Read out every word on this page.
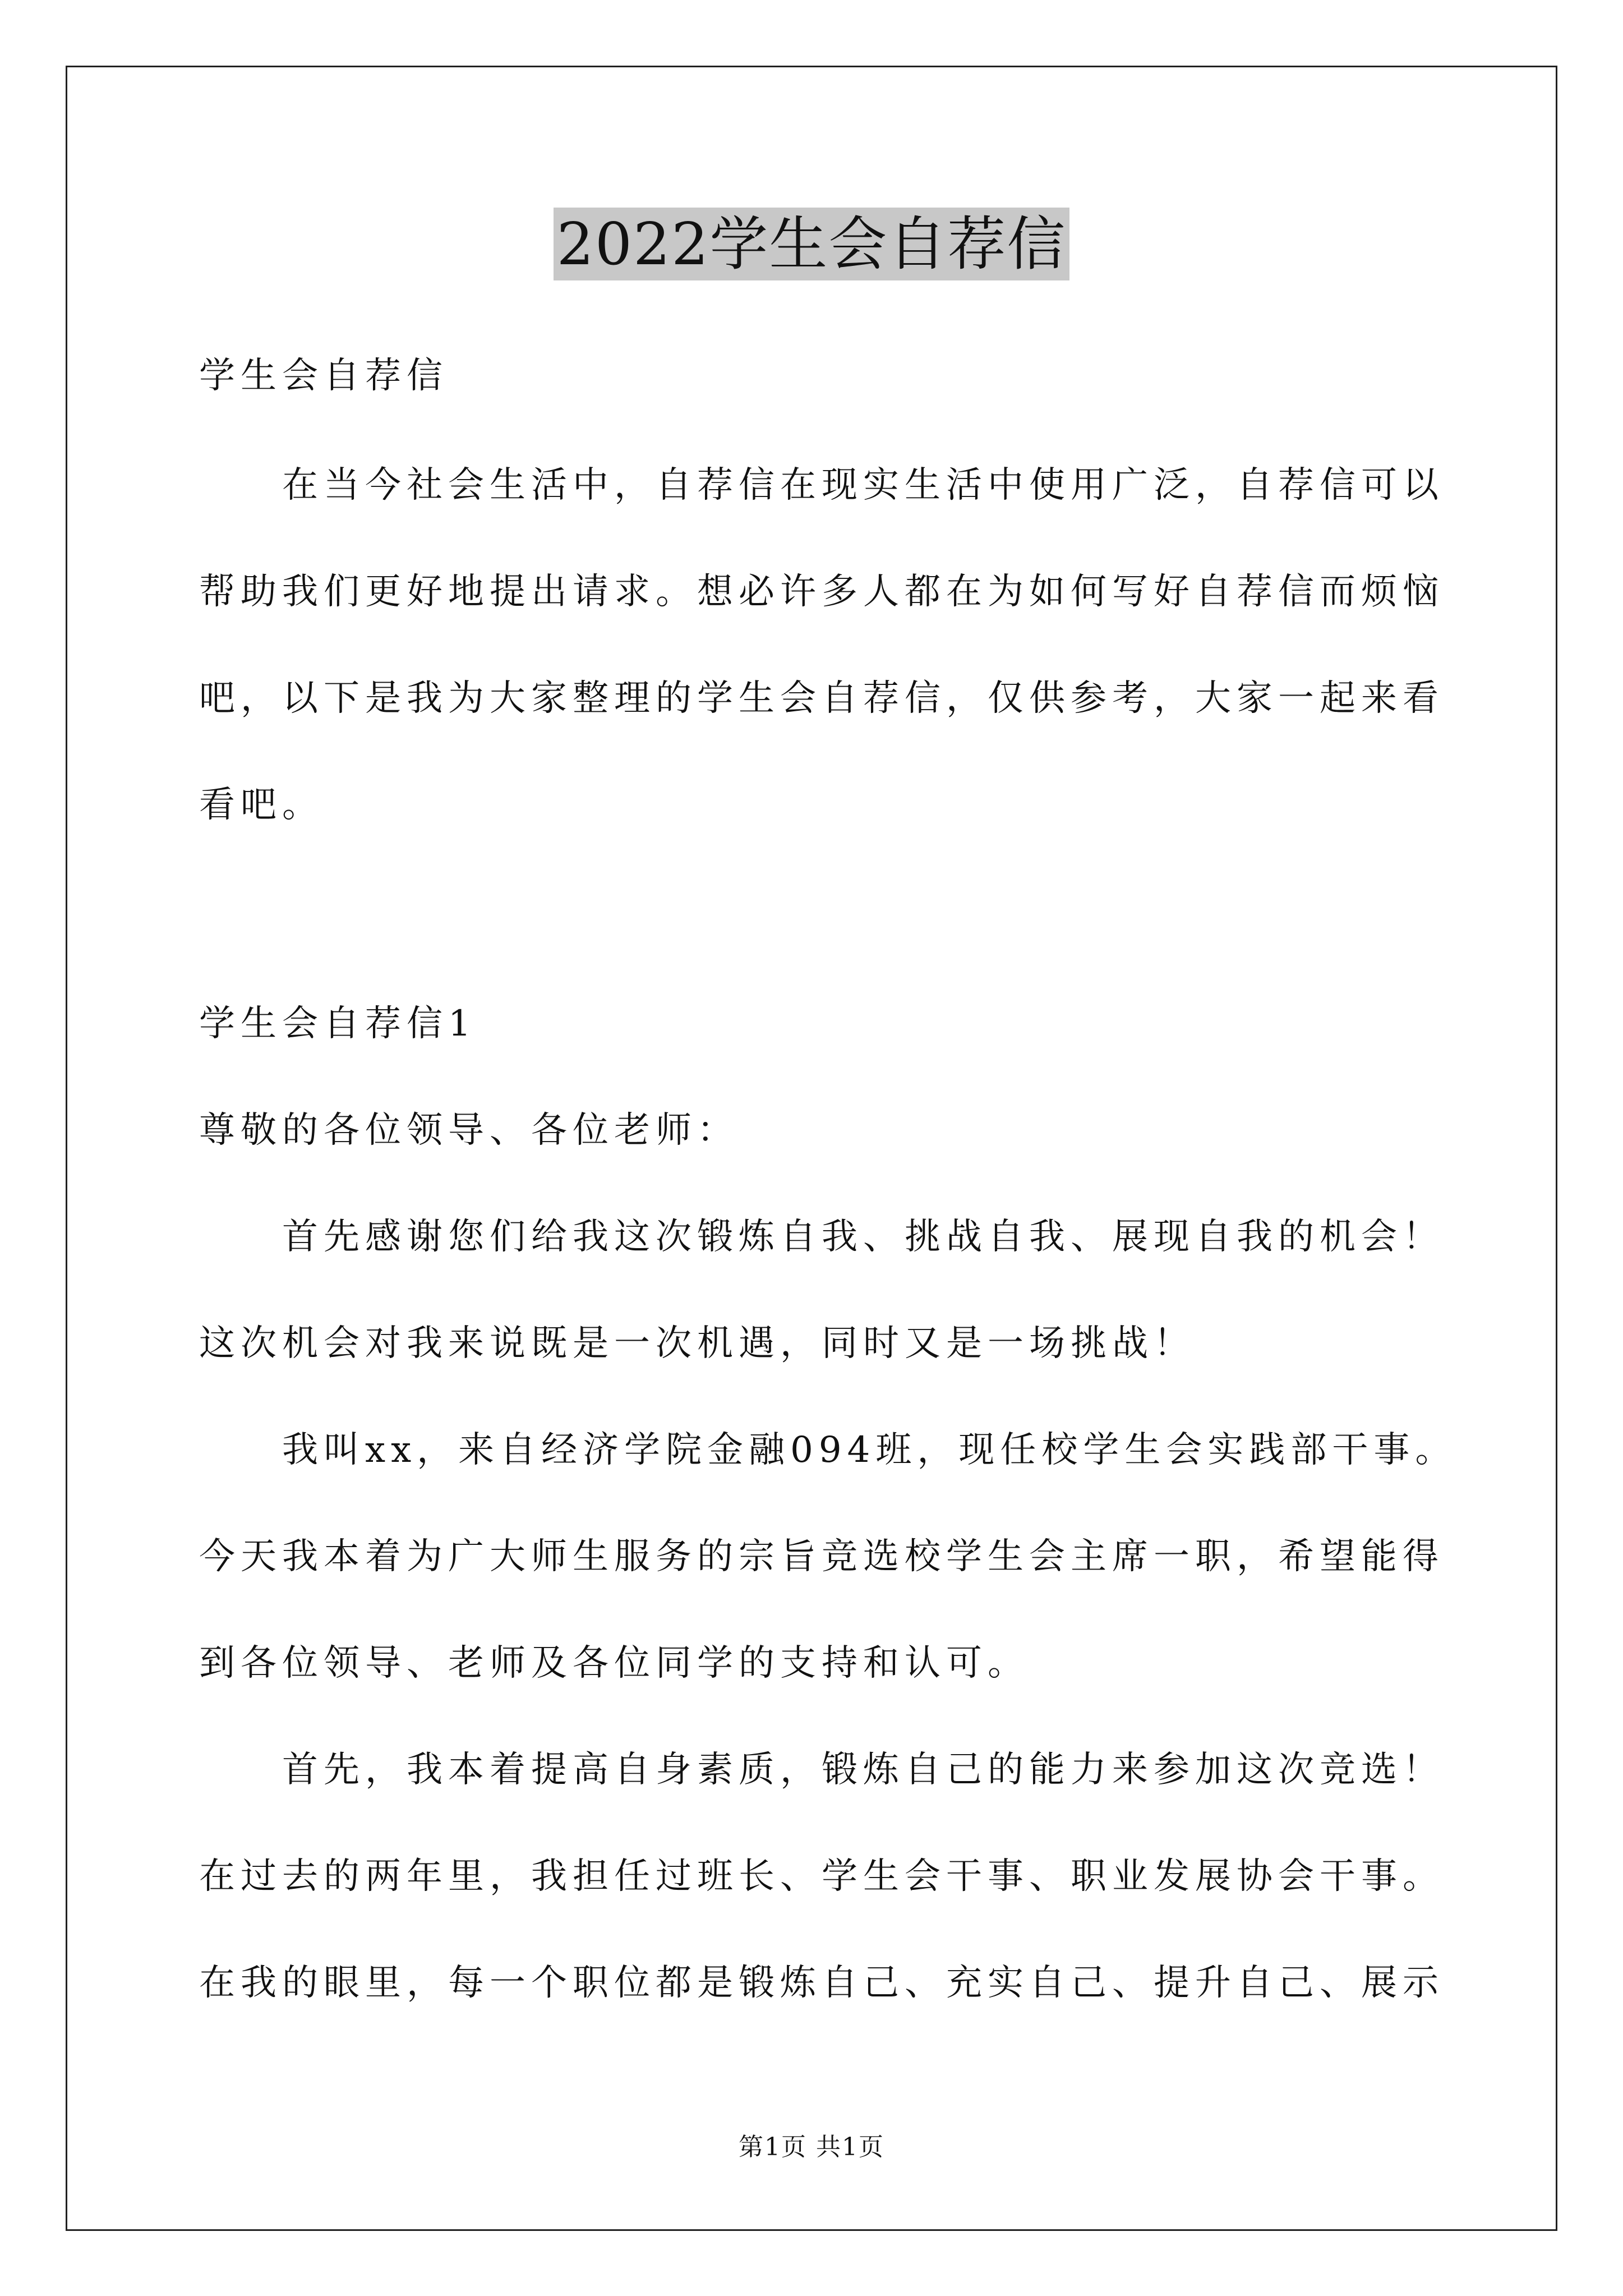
2022学生会自荐信
学生会自荐信
在当今社会生活中，自荐信在现实生活中使用广泛，自荐信可以
帮助我们更好地提出请求。想必许多人都在为如何写好自荐信而烦恼
吧，以下是我为大家整理的学生会自荐信，仅供参考，大家一起来看
看吧。
学生会自荐信1
尊敬的各位领导、各位老师：
首先感谢您们给我这次锻炼自我、挑战自我、展现自我的机会！
这次机会对我来说既是一次机遇，同时又是一场挑战！
我叫xx，来自经济学院金融094班，现任校学生会实践部干事。
今天我本着为广大师生服务的宗旨竞选校学生会主席一职，希望能得
到各位领导、老师及各位同学的支持和认可。
首先，我本着提高自身素质，锻炼自己的能力来参加这次竞选！
在过去的两年里，我担任过班长、学生会干事、职业发展协会干事。
在我的眼里，每一个职位都是锻炼自己、充实自己、提升自己、展示
第1页 共1页
